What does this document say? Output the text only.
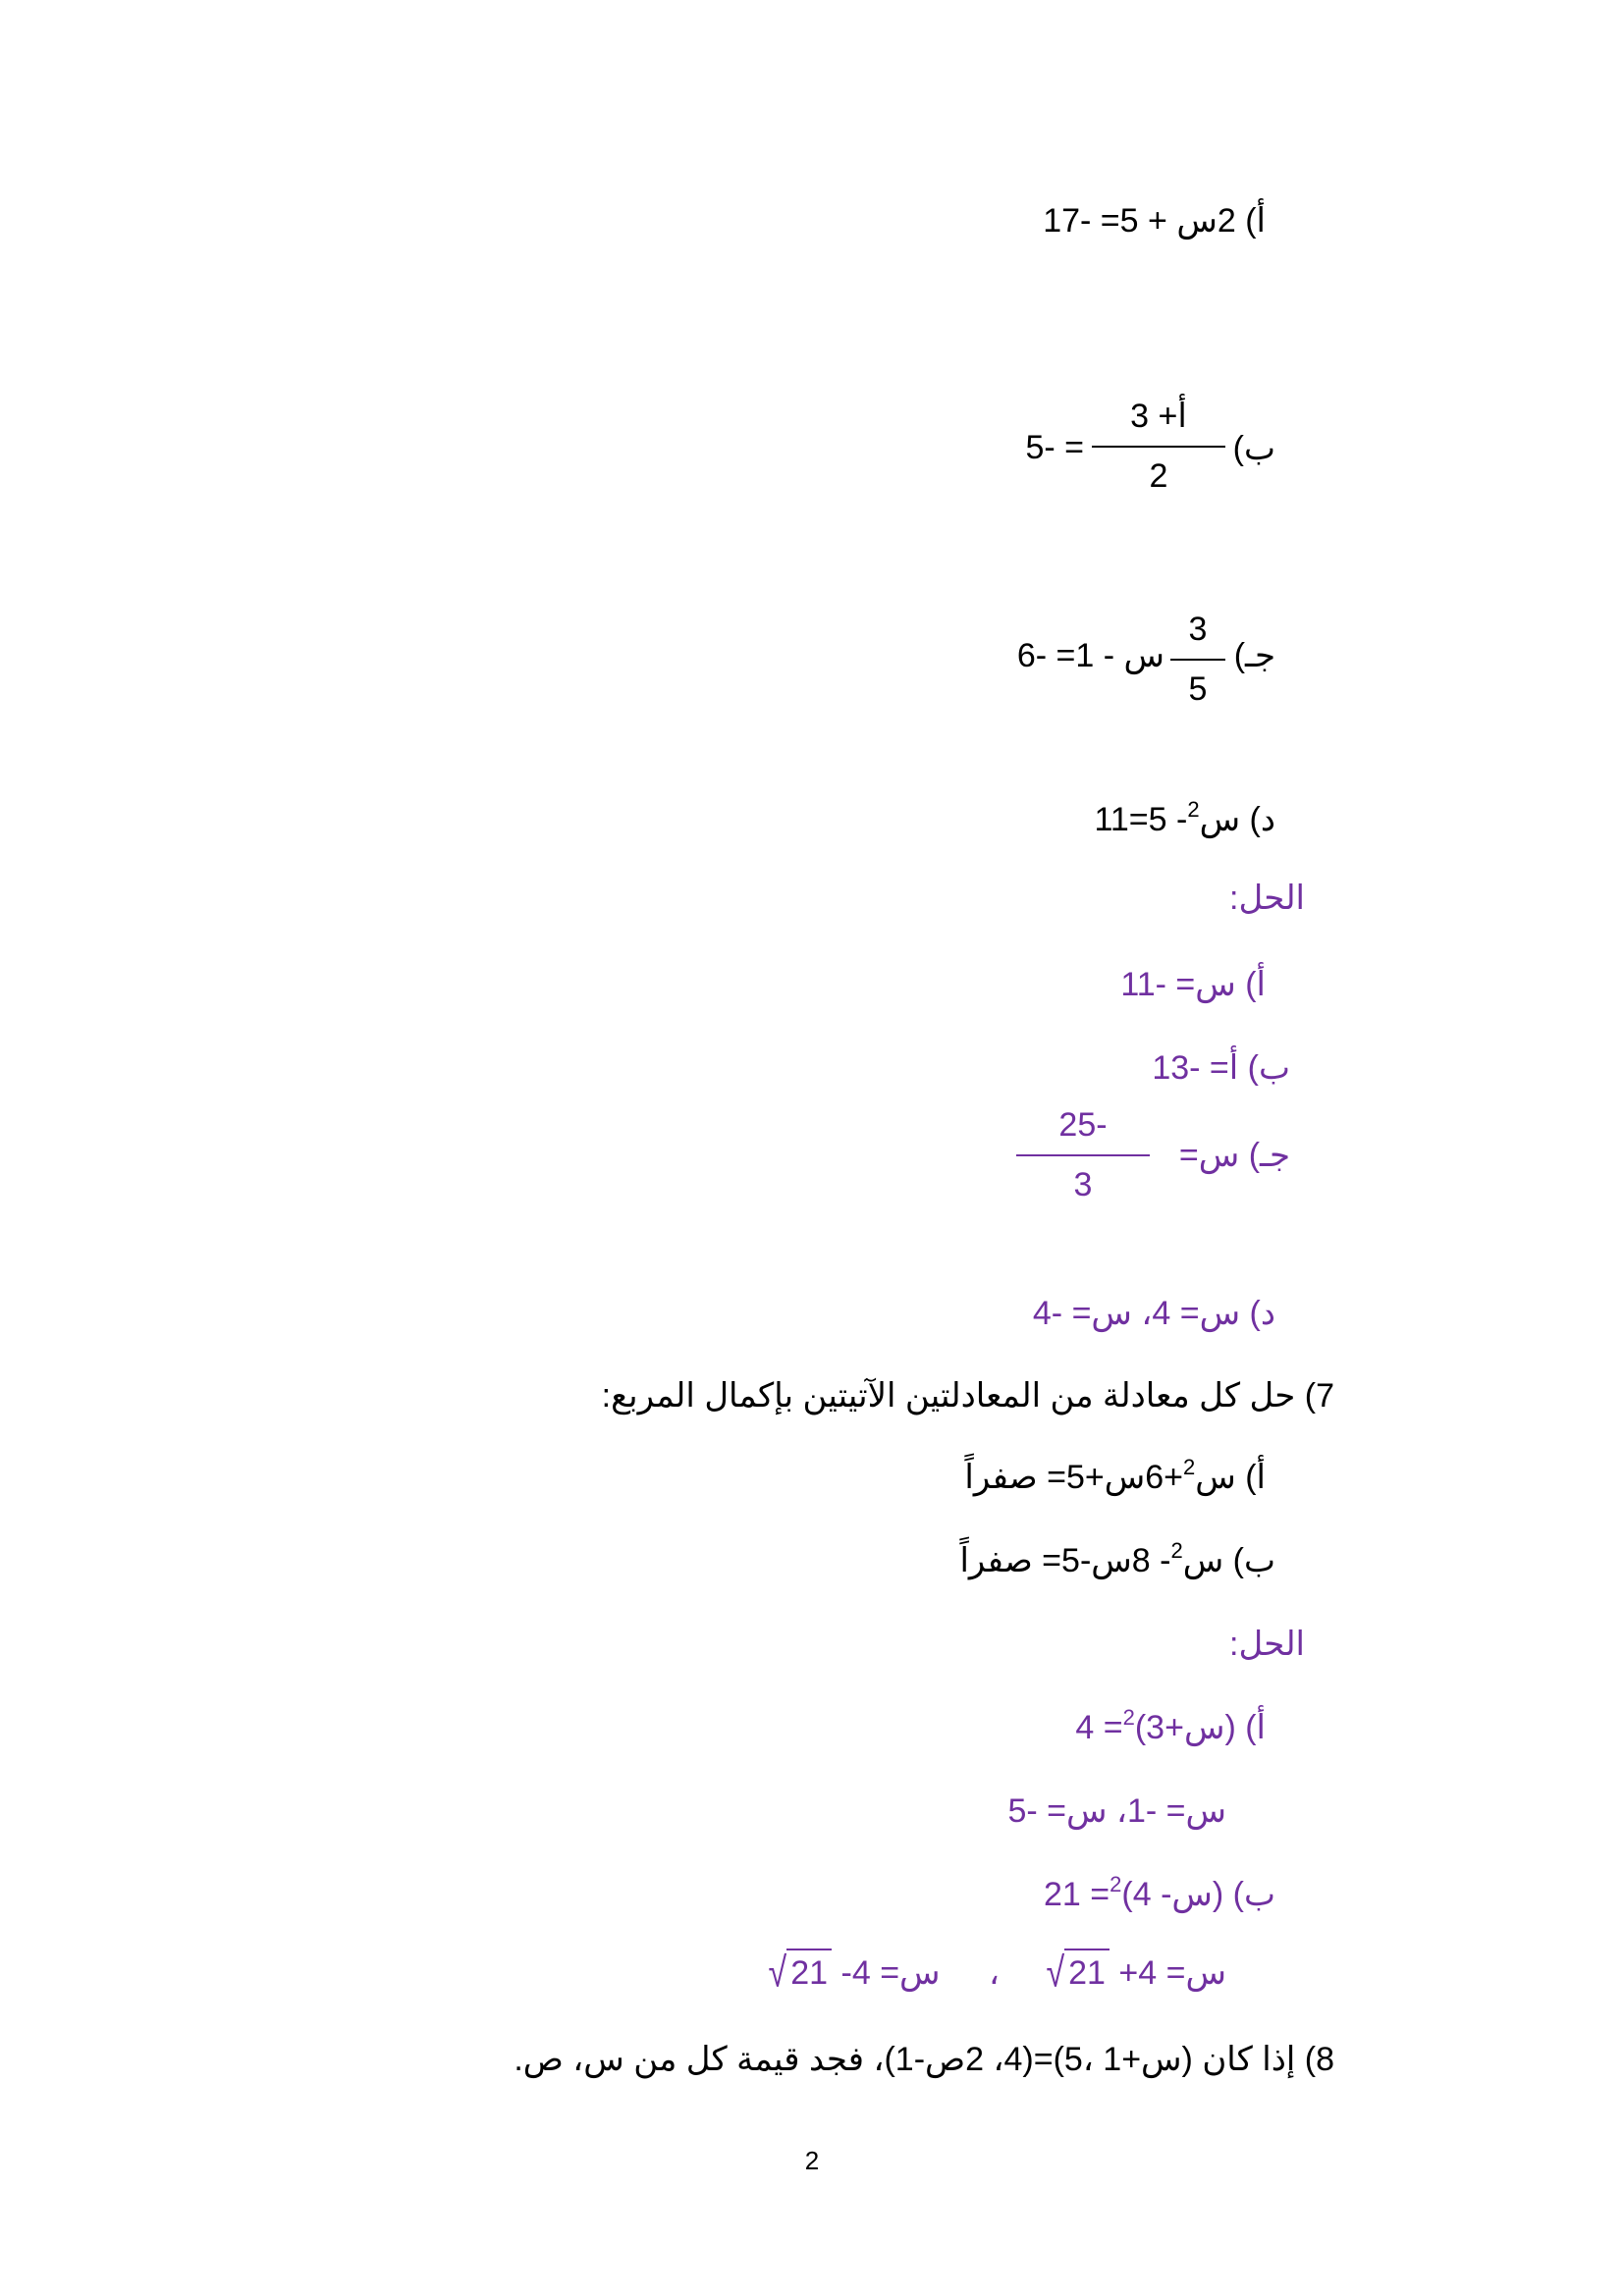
أ) 2س + 5= -17
ب)
أ+ 3
2
= -5
جـ)
3
5
س - 1= -6
د) س$^2$- 5=11
الحل:
أ) س= -11
ب) أ= -13
جـ) س=
-25
3
د) س= 4، س= -4
7) حل كل معادلة من المعادلتين الآتيتين بإكمال المربع:
أ) س$^2$+6س+5= صفراً
ب) س$^2$- 8س-5= صفراً
الحل:
أ) (س+3)$^2$= 4
س= -1، س= -5
ب) (س- 4)$^2$= 21
س= 4+ √ 21 ، س= 4- √ 21
8) إذا كان (س+1 ،5)=(4، 2ص-1)، فجد قيمة كل من س، ص.
2
